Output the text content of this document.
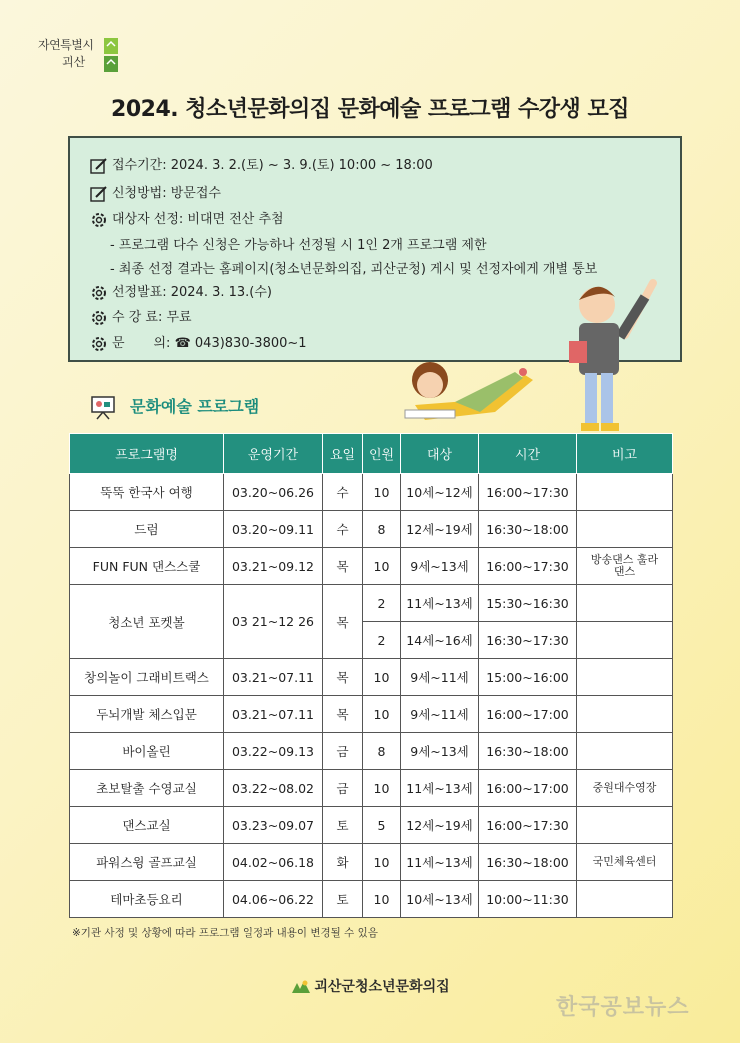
자연특별시
괴산
2024. 청소년문화의집 문화예술 프로그램 수강생 모집
접수기간: 2024. 3. 2.(토) ~ 3. 9.(토) 10:00 ~ 18:00
신청방법: 방문접수
대상자 선정: 비대면 전산 추첨
- 프로그램 다수 신청은 가능하나 선정될 시 1인 2개 프로그램 제한
- 최종 선정 결과는 홈페이지(청소년문화의집, 괴산군청) 게시 및 선정자에게 개별 통보
선정발표: 2024. 3. 13.(수)
수 강 료: 무료
문       의: ☎ 043)830-3800~1
문화예술 프로그램
프로그램명	운영기간	요일	인원	대상	시간	비고
뚝뚝 한국사 여행	03.20~06.26	수	10	10세~12세	16:00~17:30	
드럼	03.20~09.11	수	8	12세~19세	16:30~18:00	
FUN FUN 댄스스쿨	03.21~09.12	목	10	9세~13세	16:00~17:30	방송댄스 훌라댄스
청소년 포켓볼	03 21~12 26	목	2	11세~13세	15:30~16:30	
			2	14세~16세	16:30~17:30	
창의놀이 그래비트랙스	03.21~07.11	목	10	9세~11세	15:00~16:00	
두뇌개발 체스입문	03.21~07.11	목	10	9세~11세	16:00~17:00	
바이올린	03.22~09.13	금	8	9세~13세	16:30~18:00	
초보탈출 수영교실	03.22~08.02	금	10	11세~13세	16:00~17:00	중원대수영장
댄스교실	03.23~09.07	토	5	12세~19세	16:00~17:30	
파워스윙 골프교실	04.02~06.18	화	10	11세~13세	16:30~18:00	국민체육센터
테마초등요리	04.06~06.22	토	10	10세~13세	10:00~11:30	
※기관 사정 및 상황에 따라 프로그램 일정과 내용이 변경될 수 있음
괴산군청소년문화의집
한국공보뉴스
